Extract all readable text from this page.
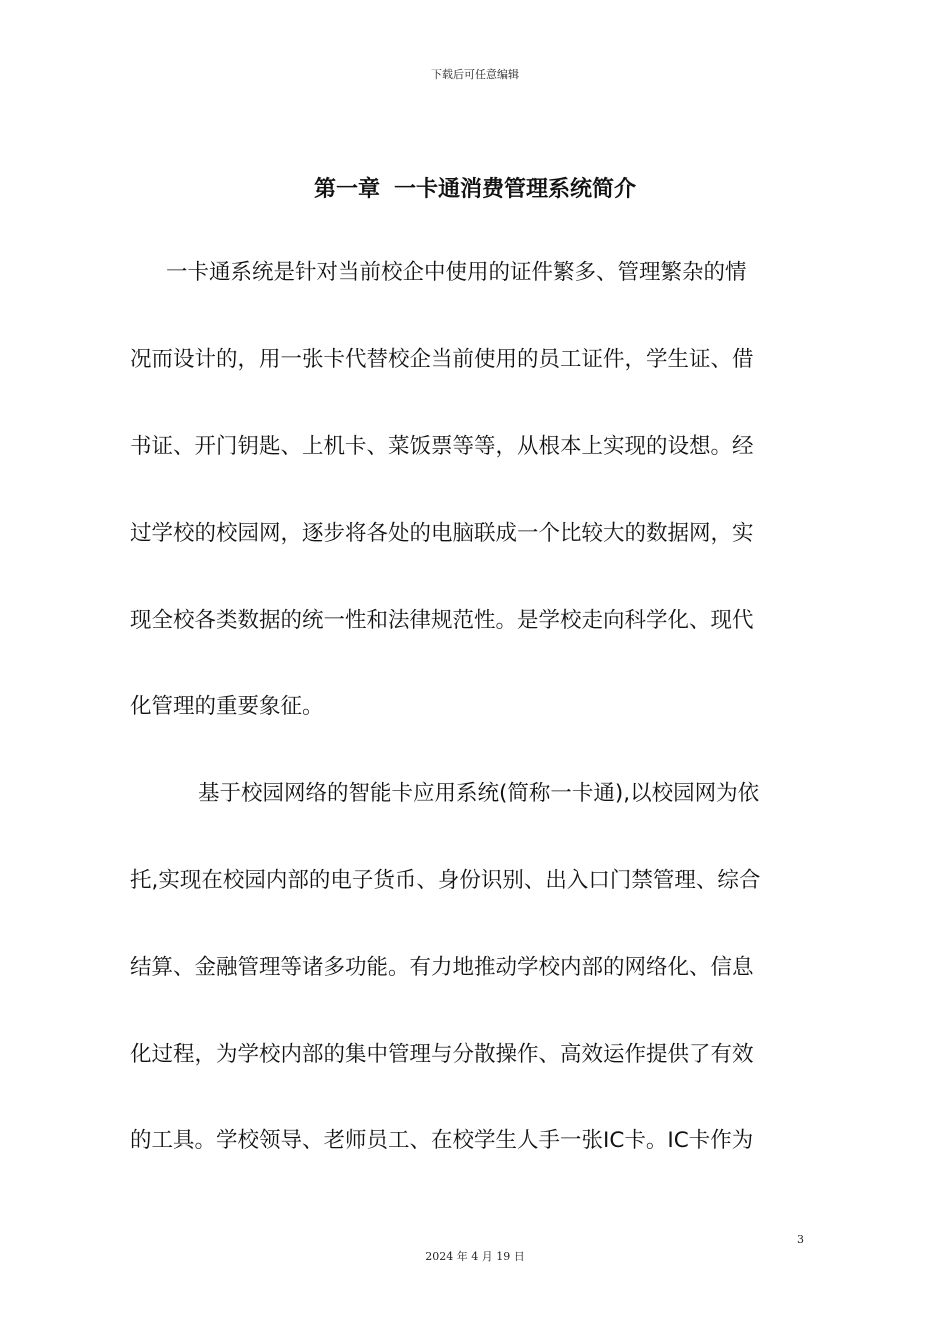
下载后可任意编辑
第一章 一卡通消费管理系统简介
一卡通系统是针对当前校企中使用的证件繁多、管理繁杂的情
况而设计的，用一张卡代替校企当前使用的员工证件，学生证、借
书证、开门钥匙、上机卡、菜饭票等等，从根本上实现的设想。经
过学校的校园网，逐步将各处的电脑联成一个比较大的数据网，实
现全校各类数据的统一性和法律规范性。是学校走向科学化、现代
化管理的重要象征。
基于校园网络的智能卡应用系统(简称一卡通),以校园网为依
托,实现在校园内部的电子货币、身份识别、出入口门禁管理、综合
结算、金融管理等诸多功能。有力地推动学校内部的网络化、信息
化过程，为学校内部的集中管理与分散操作、高效运作提供了有效
的工具。学校领导、老师员工、在校学生人手一张IC卡。IC卡作为
3
2024 年 4 月 19 日
